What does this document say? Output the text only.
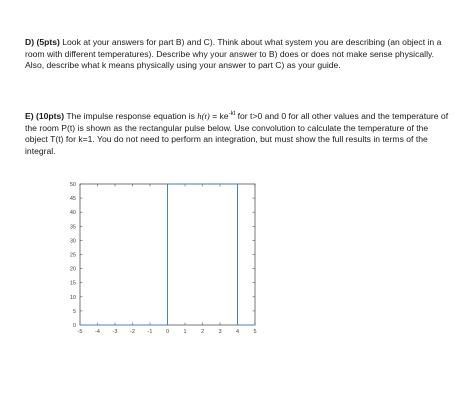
D) (5pts) Look at your answers for part B) and C). Think about what system you are describing (an object in a room with different temperatures). Describe why your answer to B) does or does not make sense physically. Also, describe what k means physically using your answer to part C) as your guide.

E) (10pts) The impulse response equation is $h(t) = ke^{-kt}$ for t>0 and 0 for all other values and the temperature of the room P(t) is shown as the rectangular pulse below. Use convolution to calculate the temperature of the object T(t) for k=1. You do not need to perform an integration, but must show the full results in terms of the integral.

-5 -4 -3 -2 -1 0	1	2	3	4	5
0
5
10
15
20
25
30
35
40
45
50
